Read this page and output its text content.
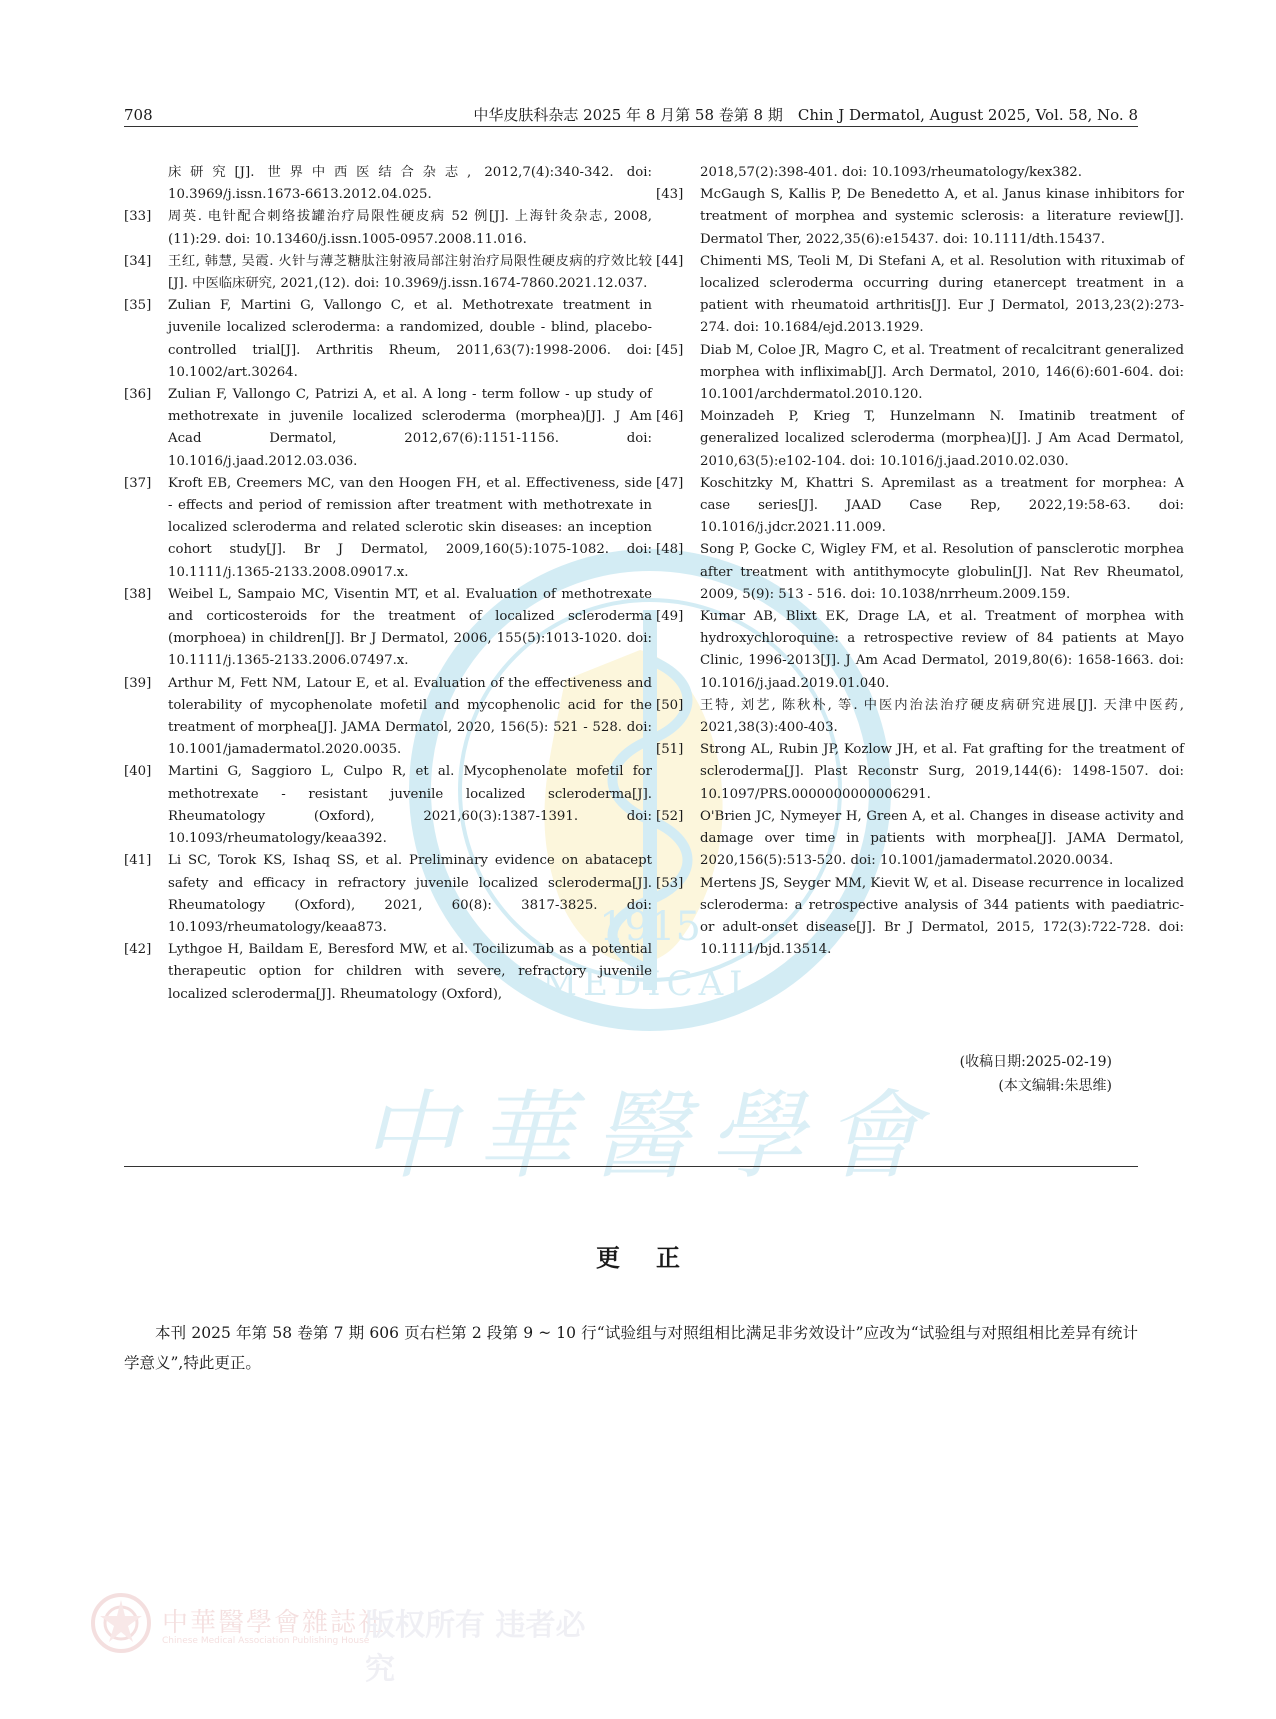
1915
MEDICAL
中華醫學會
708	中华皮肤科杂志 2025 年 8 月第 58 卷第 8 期　Chin J Dermatol, August 2025, Vol. 58, No. 8

床研究[J]. 世界中西医结合杂志, 2012,7(4):340-342. doi: 10.3969/j.issn.1673-6613.2012.04.025.

[33]	周英. 电针配合刺络拔罐治疗局限性硬皮病 52 例[J]. 上海针灸杂志, 2008,(11):29. doi: 10.13460/j.issn.1005-0957.2008.11.016.

[34]	王红, 韩慧, 吴霞. 火针与薄芝糖肽注射液局部注射治疗局限性硬皮病的疗效比较[J]. 中医临床研究, 2021,(12). doi: 10.3969/j.issn.1674-7860.2021.12.037.

[35]	Zulian F, Martini G, Vallongo C, et al. Methotrexate treatment in juvenile localized scleroderma: a randomized, double - blind, placebo-controlled trial[J]. Arthritis Rheum, 2011,63(7):1998-2006. doi: 10.1002/art.30264.

[36]	Zulian F, Vallongo C, Patrizi A, et al. A long - term follow - up study of methotrexate in juvenile localized scleroderma (morphea)[J]. J Am Acad Dermatol, 2012,67(6):1151-1156. doi: 10.1016/j.jaad.2012.03.036.

[37]	Kroft EB, Creemers MC, van den Hoogen FH, et al. Effectiveness, side - effects and period of remission after treatment with methotrexate in localized scleroderma and related sclerotic skin diseases: an inception cohort study[J]. Br J Dermatol, 2009,160(5):1075-1082. doi: 10.1111/j.1365-2133.2008.09017.x.

[38]	Weibel L, Sampaio MC, Visentin MT, et al. Evaluation of methotrexate and corticosteroids for the treatment of localized scleroderma (morphoea) in children[J]. Br J Dermatol, 2006, 155(5):1013-1020. doi: 10.1111/j.1365-2133.2006.07497.x.

[39]	Arthur M, Fett NM, Latour E, et al. Evaluation of the effectiveness and tolerability of mycophenolate mofetil and mycophenolic acid for the treatment of morphea[J]. JAMA Dermatol, 2020, 156(5): 521 - 528. doi: 10.1001/jamadermatol.2020.0035.

[40]	Martini G, Saggioro L, Culpo R, et al. Mycophenolate mofetil for methotrexate - resistant juvenile localized scleroderma[J]. Rheumatology (Oxford), 2021,60(3):1387-1391. doi: 10.1093/rheumatology/keaa392.

[41]	Li SC, Torok KS, Ishaq SS, et al. Preliminary evidence on abatacept safety and efficacy in refractory juvenile localized scleroderma[J]. Rheumatology (Oxford), 2021, 60(8): 3817-3825. doi: 10.1093/rheumatology/keaa873.

[42]	Lythgoe H, Baildam E, Beresford MW, et al. Tocilizumab as a potential therapeutic option for children with severe, refractory juvenile localized scleroderma[J]. Rheumatology (Oxford),

2018,57(2):398-401. doi: 10.1093/rheumatology/kex382.

[43]	McGaugh S, Kallis P, De Benedetto A, et al. Janus kinase inhibitors for treatment of morphea and systemic sclerosis: a literature review[J]. Dermatol Ther, 2022,35(6):e15437. doi: 10.1111/dth.15437.

[44]	Chimenti MS, Teoli M, Di Stefani A, et al. Resolution with rituximab of localized scleroderma occurring during etanercept treatment in a patient with rheumatoid arthritis[J]. Eur J Dermatol, 2013,23(2):273-274. doi: 10.1684/ejd.2013.1929.

[45]	Diab M, Coloe JR, Magro C, et al. Treatment of recalcitrant generalized morphea with infliximab[J]. Arch Dermatol, 2010, 146(6):601-604. doi: 10.1001/archdermatol.2010.120.

[46]	Moinzadeh P, Krieg T, Hunzelmann N. Imatinib treatment of generalized localized scleroderma (morphea)[J]. J Am Acad Dermatol, 2010,63(5):e102-104. doi: 10.1016/j.jaad.2010.02.030.

[47]	Koschitzky M, Khattri S. Apremilast as a treatment for morphea: A case series[J]. JAAD Case Rep, 2022,19:58-63. doi: 10.1016/j.jdcr.2021.11.009.

[48]	Song P, Gocke C, Wigley FM, et al. Resolution of pansclerotic morphea after treatment with antithymocyte globulin[J]. Nat Rev Rheumatol, 2009, 5(9): 513 - 516. doi: 10.1038/nrrheum.2009.159.

[49]	Kumar AB, Blixt EK, Drage LA, et al. Treatment of morphea with hydroxychloroquine: a retrospective review of 84 patients at Mayo Clinic, 1996-2013[J]. J Am Acad Dermatol, 2019,80(6): 1658-1663. doi: 10.1016/j.jaad.2019.01.040.

[50]	王特, 刘艺, 陈秋朴, 等. 中医内治法治疗硬皮病研究进展[J]. 天津中医药, 2021,38(3):400-403.

[51]	Strong AL, Rubin JP, Kozlow JH, et al. Fat grafting for the treatment of scleroderma[J]. Plast Reconstr Surg, 2019,144(6): 1498-1507. doi: 10.1097/PRS.0000000000006291.

[52]	O'Brien JC, Nymeyer H, Green A, et al. Changes in disease activity and damage over time in patients with morphea[J]. JAMA Dermatol, 2020,156(5):513-520. doi: 10.1001/jamadermatol.2020.0034.

[53]	Mertens JS, Seyger MM, Kievit W, et al. Disease recurrence in localized scleroderma: a retrospective analysis of 344 patients with paediatric- or adult-onset disease[J]. Br J Dermatol, 2015, 172(3):722-728. doi: 10.1111/bjd.13514.

(收稿日期:2025-02-19)
(本文编辑:朱思维)
更正

本刊 2025 年第 58 卷第 7 期 606 页右栏第 2 段第 9 ~ 10 行“试验组与对照组相比满足非劣效设计”应改为“试验组与对照组相比差异有统计学意义”,特此更正。

中華醫學會雜誌社
Chinese Medical Association Publishing House
版权所有 违者必究
